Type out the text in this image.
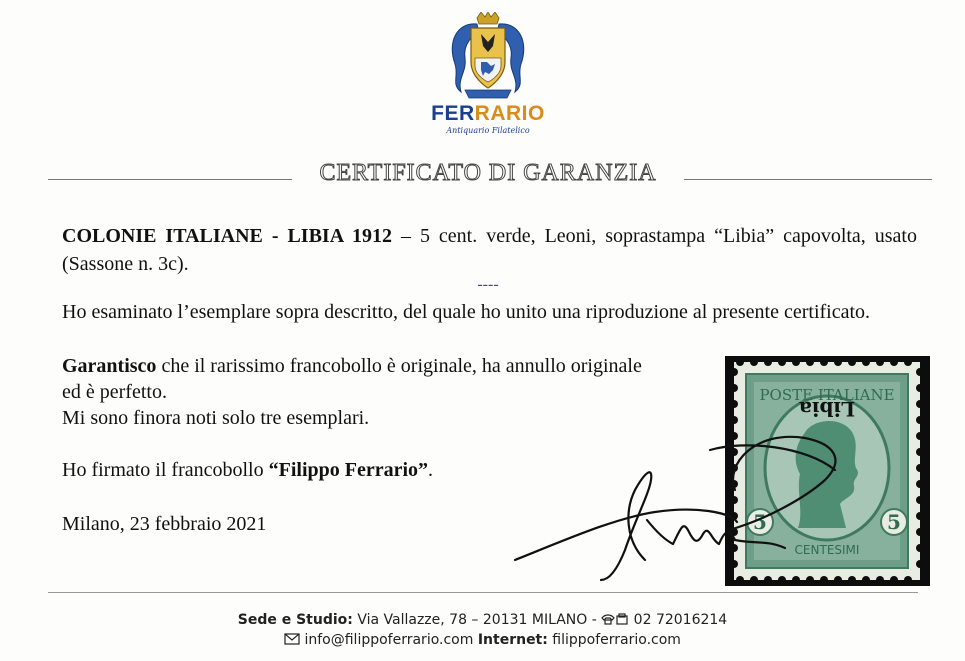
FERRARIO
Antiquario Filatelico
CERTIFICATO DI GARANZIA
COLONIE ITALIANE - LIBIA 1912 – 5 cent. verde, Leoni, soprastampa “Libia” capovolta, usato (Sassone n. 3c).
----
Ho esaminato l’esemplare sopra descritto, del quale ho unito una riproduzione al presente certificato.
Garantisco che il rarissimo francobollo è originale, ha annullo originale ed è perfetto.
Mi sono finora noti solo tre esemplari.
Ho firmato il francobollo “Filippo Ferrario”.
Milano, 23 febbraio 2021
POSTE ITALIANE
Libia
5	5
CENTESIMI
Sede e Studio: Via Vallazze, 78 – 20131 MILANO -  02 72016214
info@filippoferrario.com Internet: filippoferrario.com
